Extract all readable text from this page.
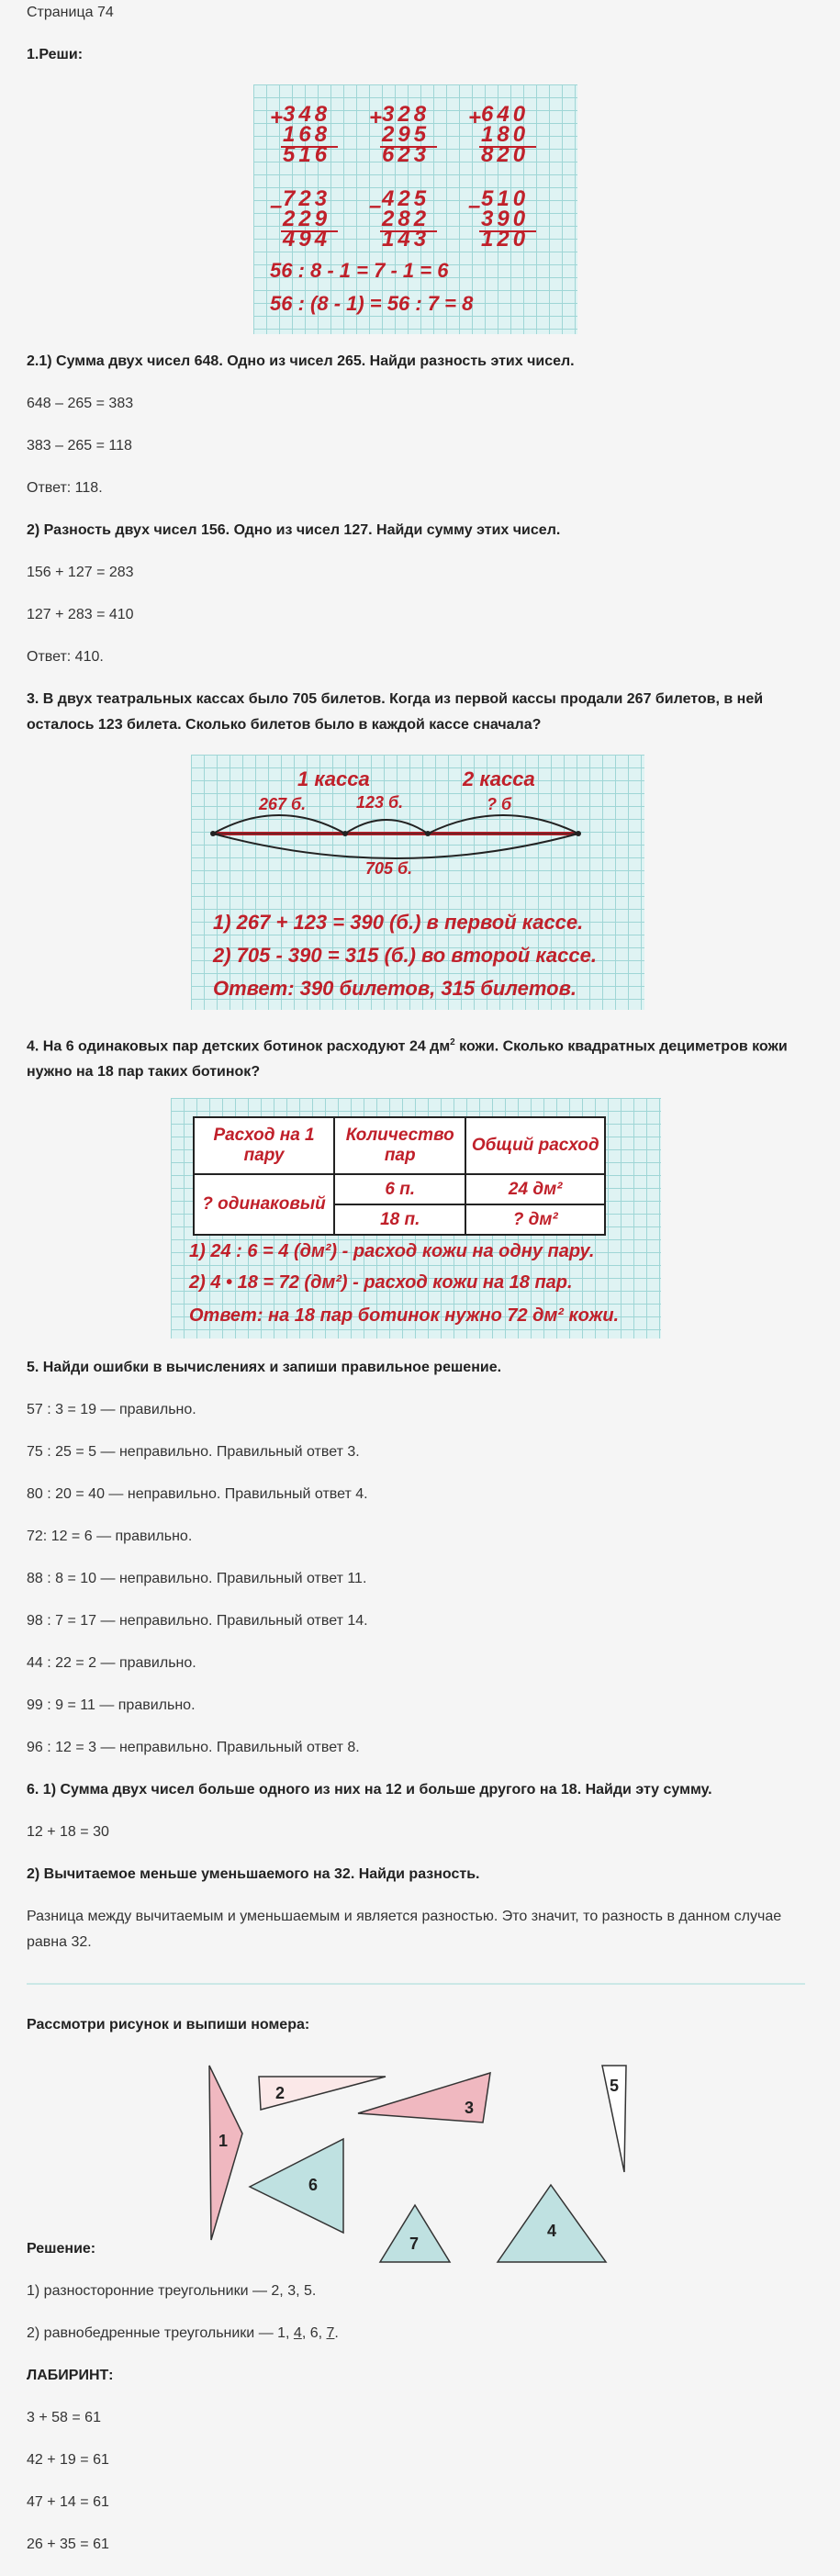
Страница 74

1.Реши:

+ 348
168
516
+ 328
295
623
+ 640
180
820
– 723
229
494
– 425
282
143
– 510
390
120
56 : 8 - 1 = 7 - 1 = 6
56 : (8 - 1) = 56 : 7 = 8

2.1) Сумма двух чисел 648. Одно из чисел 265. Найди разность этих чисел.

648 – 265 = 383

383 – 265 = 118

Ответ: 118.

2) Разность двух чисел 156. Одно из чисел 127. Найди сумму этих чисел.

156 + 127 = 283

127 + 283 = 410

Ответ: 410.

3. В двух театральных кассах было 705 билетов. Когда из первой кассы продали 267 билетов, в ней осталось 123 билета. Сколько билетов было в каждой кассе сначала?

1 касса	2 касса
267 б.	123 б.	? б
705 б.
1) 267 + 123 = 390 (б.) в первой кассе.
2) 705 - 390 = 315 (б.) во второй кассе.
Ответ: 390 билетов, 315 билетов.

4. На 6 одинаковых пар детских ботинок расходуют 24 $дм^2$ кожи. Сколько квадратных дециметров кожи нужно на 18 пар таких ботинок?

Расход на 1 пару	Количество пар	Общий расход
? одинаковый	6 п.	24 дм²
	18 п.	? дм²
1) 24 : 6 = 4 (дм²) - расход кожи на одну пару.
2) 4 • 18 = 72 (дм²) - расход кожи на 18 пар.
Ответ: на 18 пар ботинок нужно 72 дм² кожи.

5. Найди ошибки в вычислениях и запиши правильное решение.

57 : 3 = 19 — правильно.

75 : 25 = 5 — неправильно. Правильный ответ 3.

80 : 20 = 40 — неправильно. Правильный ответ 4.

72: 12 = 6 — правильно.

88 : 8 = 10 — неправильно. Правильный ответ 11.

98 : 7 = 17 — неправильно. Правильный ответ 14.

44 : 22 = 2 — правильно.

99 : 9 = 11 — правильно.

96 : 12 = 3 — неправильно. Правильный ответ 8.

6. 1) Сумма двух чисел больше одного из них на 12 и больше другого на 18. Найди эту сумму.

12 + 18 = 30

2) Вычитаемое меньше уменьшаемого на 32. Найди разность.

Разница между вычитаемым и уменьшаемым и является разностью. Это значит, то разность в данном случае равна 32.

Рассмотри рисунок и выпиши номера:

1
2
3
4
5
6
7

Решение:

1) разносторонние треугольники — 2, 3, 5.

2) равнобедренные треугольники — 1, 4, 6, 7.

ЛАБИРИНТ:

3 + 58 = 61

42 + 19 = 61

47 + 14 = 61

26 + 35 = 61
